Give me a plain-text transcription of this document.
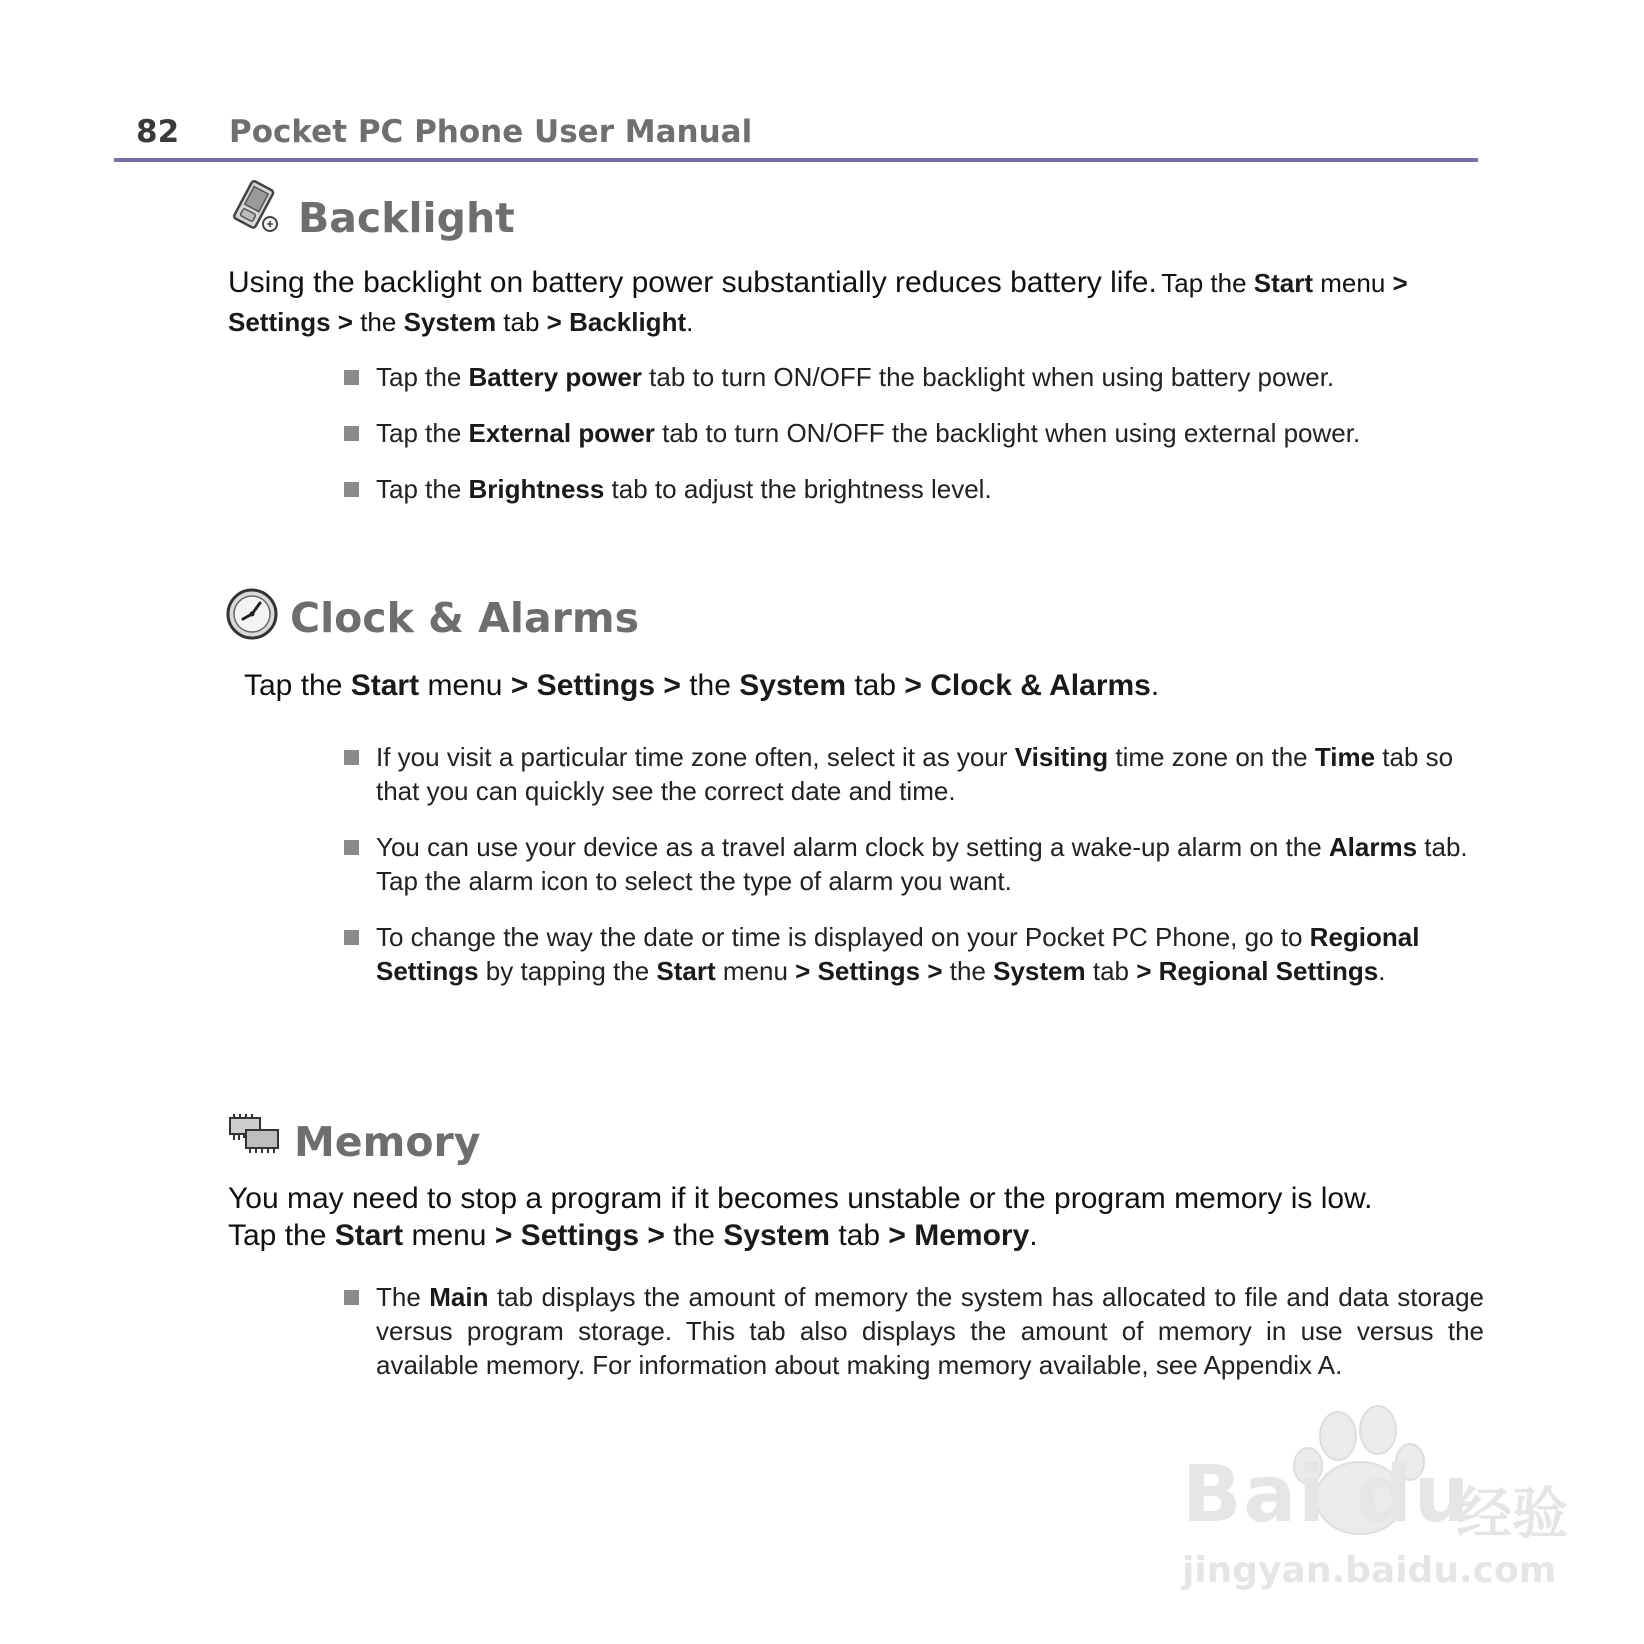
82 Pocket PC Phone User Manual
Backlight
Using the backlight on battery power substantially reduces battery life. Tap the Start menu > Settings > the System tab > Backlight.
Tap the Battery power tab to turn ON/OFF the backlight when using battery power.
Tap the External power tab to turn ON/OFF the backlight when using external power.
Tap the Brightness tab to adjust the brightness level.
Clock & Alarms
Tap the Start menu > Settings > the System tab > Clock & Alarms.
If you visit a particular time zone often, select it as your Visiting time zone on the Time tab so that you can quickly see the correct date and time.
You can use your device as a travel alarm clock by setting a wake-up alarm on the Alarms tab. Tap the alarm icon to select the type of alarm you want.
To change the way the date or time is displayed on your Pocket PC Phone, go to Regional Settings by tapping the Start menu > Settings > the System tab > Regional Settings.
Memory
You may need to stop a program if it becomes unstable or the program memory is low.
Tap the Start menu > Settings > the System tab > Memory.
The Main tab displays the amount of memory the system has allocated to file and data storage versus program storage. This tab also displays the amount of memory in use versus the available memory. For information about making memory available, see Appendix A.
Bai du
经验
jingyan.baidu.com
